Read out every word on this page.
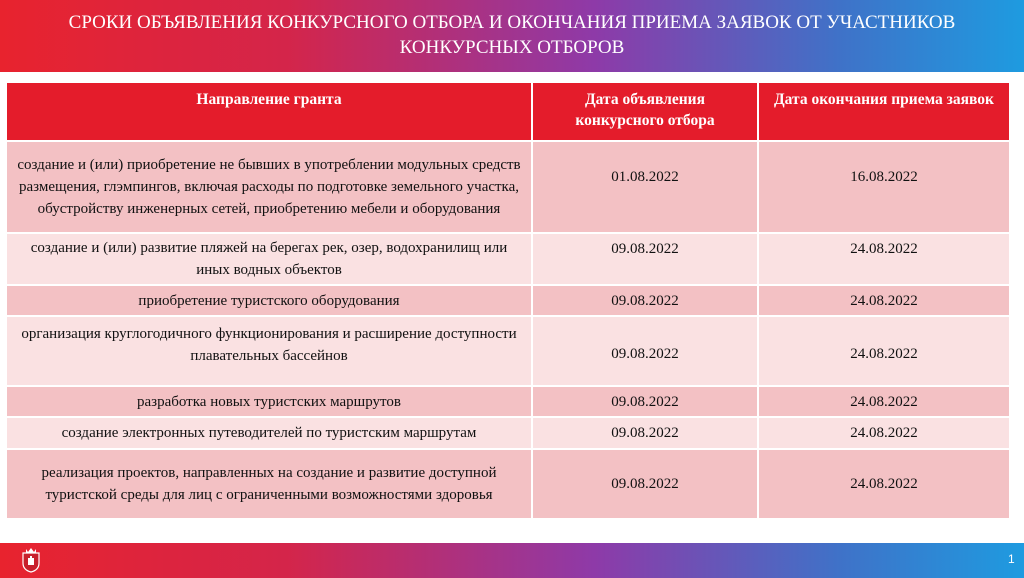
СРОКИ ОБЪЯВЛЕНИЯ КОНКУРСНОГО ОТБОРА И ОКОНЧАНИЯ ПРИЕМА ЗАЯВОК ОТ УЧАСТНИКОВ КОНКУРСНЫХ ОТБОРОВ
Направление гранта	Дата объявления конкурсного отбора	Дата окончания приема заявок
создание и (или) приобретение не бывших в употреблении модульных средств размещения, глэмпингов, включая расходы по подготовке земельного участка, обустройству инженерных сетей, приобретению мебели и оборудования	01.08.2022	16.08.2022
создание и (или) развитие пляжей на берегах рек, озер, водохранилищ или иных водных объектов	09.08.2022	24.08.2022
приобретение туристского оборудования	09.08.2022	24.08.2022
организация круглогодичного функционирования и расширение доступности плавательных бассейнов	09.08.2022	24.08.2022
разработка новых туристских маршрутов	09.08.2022	24.08.2022
создание электронных путеводителей по туристским маршрутам	09.08.2022	24.08.2022
реализация проектов, направленных на создание и развитие доступной туристской среды для лиц с ограниченными возможностями здоровья	09.08.2022	24.08.2022
1
